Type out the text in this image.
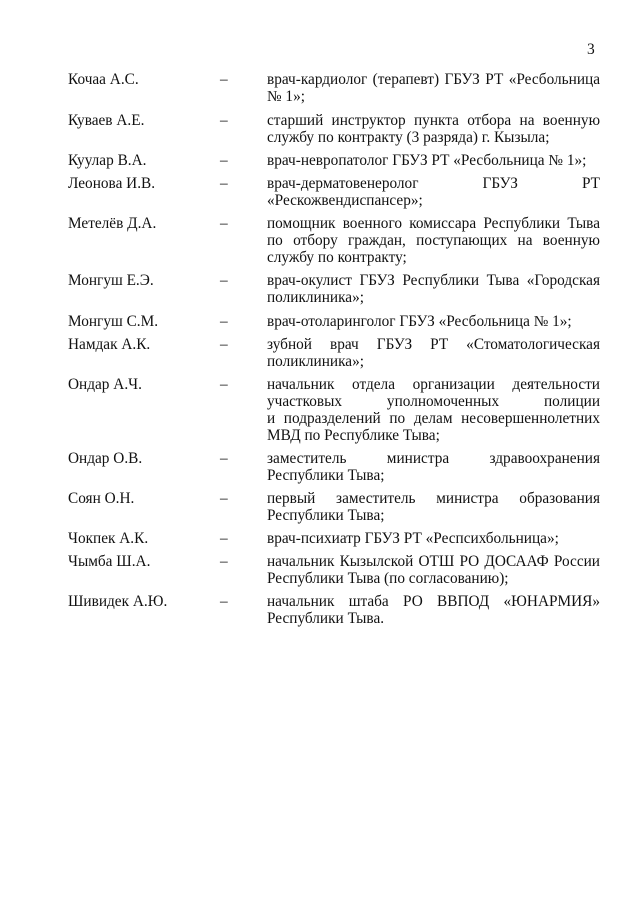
3
Кочаа А.С.	–	врач-кардиолог (терапевт) ГБУЗ РТ «Ресбольница
№ 1»;
Куваев А.Е.	–	старший инструктор пункта отбора на военную
службу по контракту (3 разряда) г. Кызыла;
Куулар В.А.	–	врач-невропатолог ГБУЗ РТ «Ресбольница № 1»;
Леонова И.В.	–	врач-дерматовенеролог ГБУЗ РТ
«Рескожвендиспансер»;
Метелёв Д.А.	–	помощник военного комиссара Республики Тыва
по отбору граждан, поступающих на военную
службу по контракту;
Монгуш Е.Э.	–	врач-окулист ГБУЗ Республики Тыва «Городская
поликлиника»;
Монгуш С.М.	–	врач-отоларинголог ГБУЗ «Ресбольница № 1»;
Намдак А.К.	–	зубной врач ГБУЗ РТ «Стоматологическая
поликлиника»;
Ондар А.Ч.	–	начальник отдела организации деятельности
участковых уполномоченных полиции
и подразделений по делам несовершеннолетних
МВД по Республике Тыва;
Ондар О.В.	–	заместитель министра здравоохранения
Республики Тыва;
Соян О.Н.	–	первый заместитель министра образования
Республики Тыва;
Чокпек А.К.	–	врач-психиатр ГБУЗ РТ «Респсихбольница»;
Чымба Ш.А.	–	начальник Кызылской ОТШ РО ДОСААФ России
Республики Тыва (по согласованию);
Шивидек А.Ю.	–	начальник штаба РО ВВПОД «ЮНАРМИЯ»
Республики Тыва.
